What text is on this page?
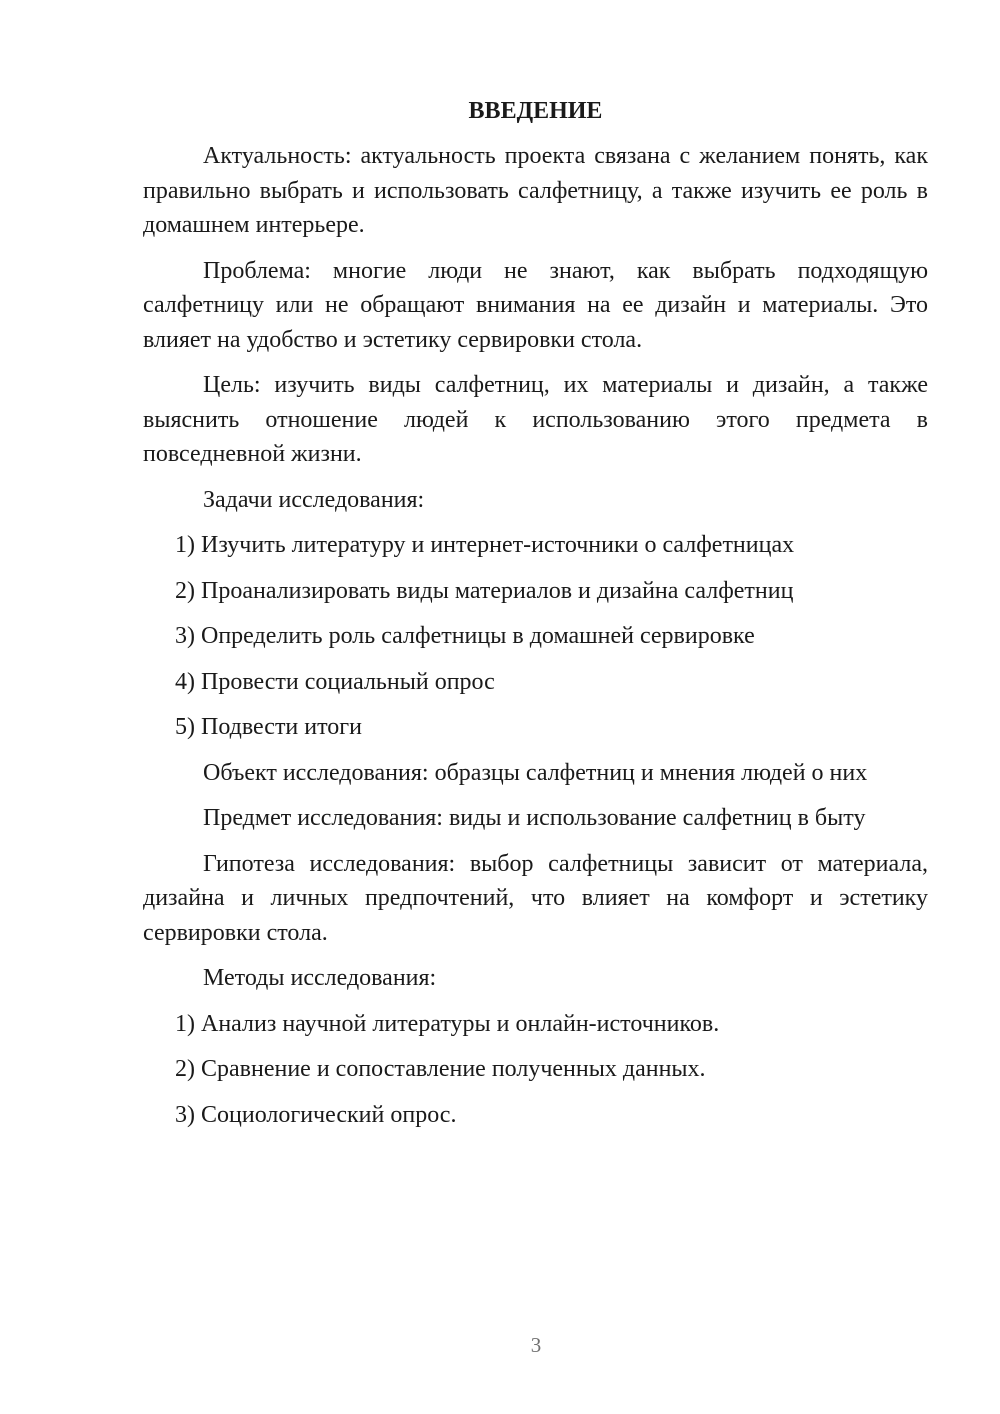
ВВЕДЕНИЕ
Актуальность: актуальность проекта связана с желанием понять, как правильно выбрать и использовать салфетницу, а также изучить ее роль в домашнем интерьере.
Проблема: многие люди не знают, как выбрать подходящую салфетницу или не обращают внимания на ее дизайн и материалы. Это влияет на удобство и эстетику сервировки стола.
Цель: изучить виды салфетниц, их материалы и дизайн, а также выяснить отношение людей к использованию этого предмета в повседневной жизни.
Задачи исследования:
1) Изучить литературу и интернет-источники о салфетницах
2) Проанализировать виды материалов и дизайна салфетниц
3) Определить роль салфетницы в домашней сервировке
4) Провести социальный опрос
5) Подвести итоги
Объект исследования: образцы салфетниц и мнения людей о них
Предмет исследования: виды и использование салфетниц в быту
Гипотеза исследования: выбор салфетницы зависит от материала, дизайна и личных предпочтений, что влияет на комфорт и эстетику сервировки стола.
Методы исследования:
1) Анализ научной литературы и онлайн-источников.
2) Сравнение и сопоставление полученных данных.
3) Социологический опрос.
3
